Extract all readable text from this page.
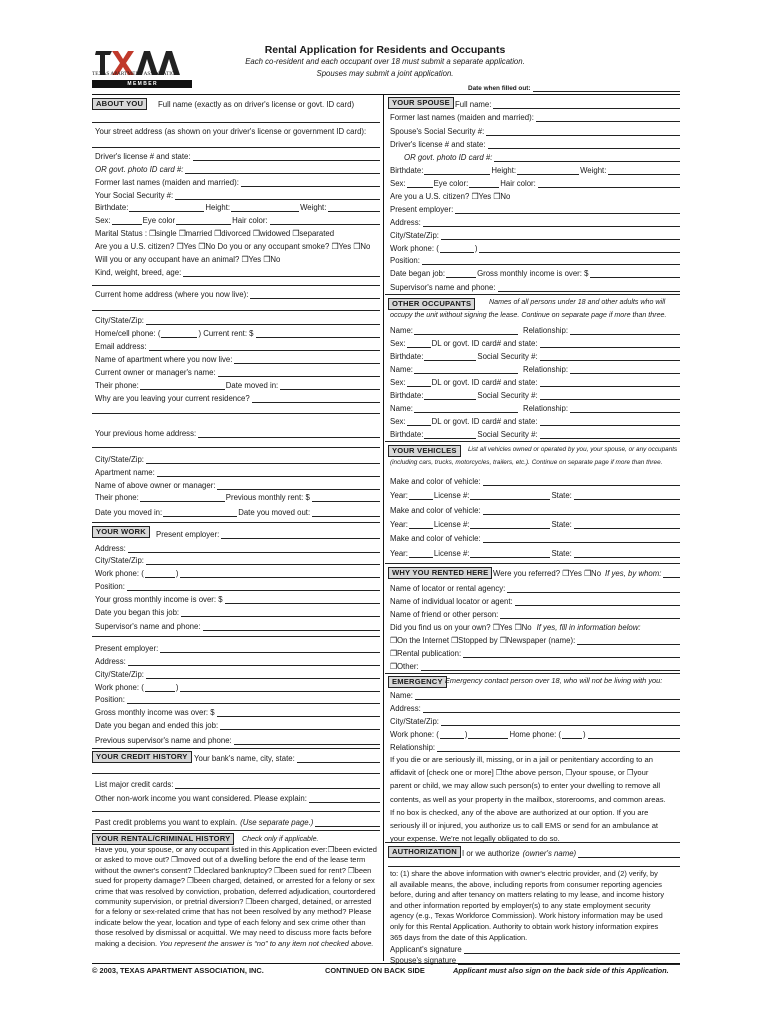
TEXAS APARTMENT ASSOCIATION
M E M B E R
Rental Application for Residents and Occupants
Each co-resident and each occupant over 18 must submit a separate application.
Spouses may submit a joint application.
Date when filled out:
ABOUT YOU	Full name (exactly as on driver's license or govt. ID card)
Your street address (as shown on your driver's license or government ID card):
Driver's license # and state:
OR govt. photo ID card #:
Former last names (maiden and married):
Your Social Security #:
Birthdate:	Height:	Weight:
Sex:	Eye color	Hair color:
Marital Status : ❒single ❒married ❒divorced ❒widowed ❒separated
Are you a U.S. citizen? ❒Yes ❒No Do you or any occupant smoke? ❒Yes ❒No
Will you or any occupant have an animal? ❒Yes ❒No
Kind, weight, breed, age:
Current home address (where you now live):
City/State/Zip:
Home/cell phone: (	) Current rent: $
Email address:
Name of apartment where you now live:
Current owner or manager's name:
Their phone:	Date moved in:
Why are you leaving your current residence?
Your previous home address:
City/State/Zip:
Apartment name:
Name of above owner or manager:
Their phone:	Previous monthly rent: $
Date you moved in:	Date you moved out:
YOUR WORK	Present employer:
Address:
City/State/Zip:
Work phone: (	)
Position:
Your gross monthly income is over: $
Date you began this job:
Supervisor's name and phone:
Present employer:
Address:
City/State/Zip:
Work phone: (	)
Position:
Gross monthly income was over: $
Date you began and ended this job:
Previous supervisor's name and phone:
YOUR CREDIT HISTORY Your bank's name, city, state:
List major credit cards:
Other non-work income you want considered. Please explain:
Past credit problems you want to explain. (Use separate page.)
YOUR RENTAL/CRIMINAL HISTORY	Check only if applicable.
Have you, your spouse, or any occupant listed in this Application ever:❒been evicted
or asked to move out? ❒moved out of a dwelling before the end of the lease term
without the owner's consent? ❒declared bankruptcy? ❒been sued for rent? ❒been
sued for property damage? ❒been charged, detained, or arrested for a felony or sex
crime that was resolved by conviction, probation, deferred adjudication, courtordered
community supervision, or pretrial diversion? ❒been charged, detained, or arrested
for a felony or sex-related crime that has not been resolved by any method? Please
indicate below the year, location and type of each felony and sex crime other than
those resolved by dismissal or acquittal. We may need to discuss more facts before
making a decision. You represent the answer is “no” to any item not checked above.
YOUR SPOUSE Full name:
Former last names (maiden and married):
Spouse's Social Security #:
Driver's license # and state:
OR govt. photo ID card #:
Birthdate:	Height:	Weight:
Sex:	Eye color:	Hair color:
Are you a U.S. citizen? ❒Yes ❒No
Present employer:
Address:
City/State/Zip:
Work phone: (	)
Position:
Date began job:	Gross monthly income is over: $
Supervisor's name and phone:
OTHER OCCUPANTS	Names of all persons under 18 and other adults who will
occupy the unit without signing the lease. Continue on separate page if more than three.
Name:	Relationship:
Sex:	DL or govt. ID card# and state:
Birthdate:	Social Security #:
Name:	Relationship:
Sex:	DL or govt. ID card# and state:
Birthdate:	Social Security #:
Name:	Relationship:
Sex:	DL or govt. ID card# and state:
Birthdate:	Social Security #:
YOUR VEHICLES	List all vehicles owned or operated by you, your spouse, or any occupants
(including cars, trucks, motorcycles, trailers, etc.). Continue on separate page if more than three.
Make and color of vehicle:
Year:	License #:	State:
Make and color of vehicle:
Year:	License #:	State:
Make and color of vehicle:
Year:	License #:	State:
WHY YOU RENTED HERE Were you referred? ❒Yes ❒No If yes, by whom:
Name of locator or rental agency:
Name of individual locator or agent:
Name of friend or other person:
Did you find us on your own? ❒Yes ❒No If yes, fill in information below:
❒On the Internet ❒Stopped by ❒Newspaper (name):
❒Rental publication:
❒Other:
EMERGENCY Emergency contact person over 18, who will not be living with you:
Name:
Address:
City/State/Zip:
Work phone: (	)	Home phone: (	)
Relationship:
If you die or are seriously ill, missing, or in a jail or penitentiary according to an
affidavit of [check one or more] ❒the above person, ❒your spouse, or ❒your
parent or child, we may allow such person(s) to enter your dwelling to remove all
contents, as well as your property in the mailbox, storerooms, and common areas.
If no box is checked, any of the above are authorized at our option. If you are
seriously ill or injured, you authorize us to call EMS or send for an ambulance at
your expense. We're not legally obligated to do so.
AUTHORIZATION I or we authorize (owner's name)
to: (1) share the above information with owner's electric provider, and (2) verify, by
all available means, the above, including reports from consumer reporting agencies
before, during and after tenancy on matters relating to my lease, and income history
and other information reported by employer(s) to any state employment security
agency (e.g., Texas Workforce Commission). Work history information may be used
only for this Rental Application. Authority to obtain work history information expires
365 days from the date of this Application.
Applicant's signature
Spouse's signature
© 2003, TEXAS APARTMENT ASSOCIATION, INC.	CONTINUED ON BACK SIDE	Applicant must also sign on the back side of this Application.
